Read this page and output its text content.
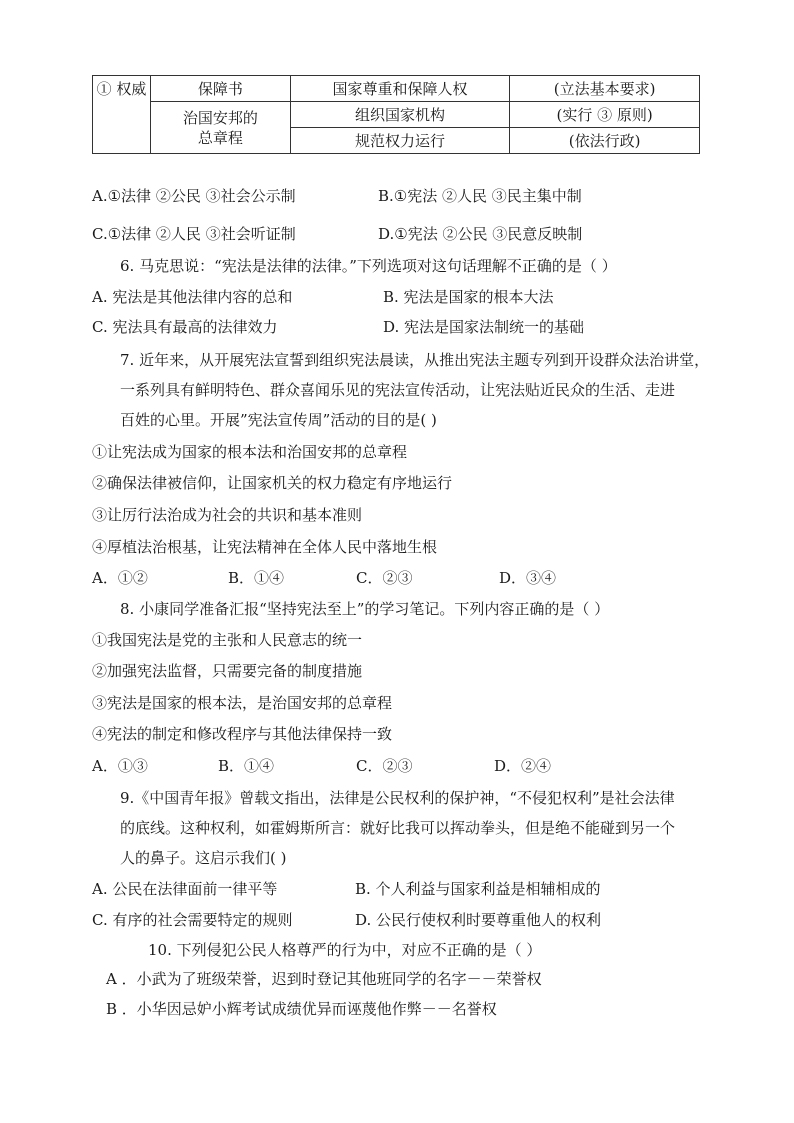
① 权威	保障书	国家尊重和保障人权	(立法基本要求)
	治国安邦的总章程	组织国家机构	(实行 ③ 原则)
		规范权力运行	(依法行政)
A.①法律 ②公民 ③社会公示制	B.①宪法 ②人民 ③民主集中制
C.①法律 ②人民 ③社会听证制	D.①宪法 ②公民 ③民意反映制
6. 马克思说：“宪法是法律的法律。”下列选项对这句话理解不正确的是（ ）
A. 宪法是其他法律内容的总和	B. 宪法是国家的根本大法
C. 宪法具有最高的法律效力	D. 宪法是国家法制统一的基础
7. 近年来，从开展宪法宣誓到组织宪法晨读，从推出宪法主题专列到开设群众法治讲堂，
一系列具有鲜明特色、群众喜闻乐见的宪法宣传活动，让宪法贴近民众的生活、走进
百姓的心里。开展”宪法宣传周”活动的目的是( )
①让宪法成为国家的根本法和治国安邦的总章程
②确保法律被信仰，让国家机关的权力稳定有序地运行
③让厉行法治成为社会的共识和基本准则
④厚植法治根基，让宪法精神在全体人民中落地生根
A．①②	B．①④	C．②③	D．③④
8. 小康同学准备汇报“坚持宪法至上”的学习笔记。下列内容正确的是（ ）
①我国宪法是党的主张和人民意志的统一
②加强宪法监督，只需要完备的制度措施
③宪法是国家的根本法，是治国安邦的总章程
④宪法的制定和修改程序与其他法律保持一致
A．①③	B．①④	C．②③	D．②④
9.《中国青年报》曾载文指出，法律是公民权利的保护神，“不侵犯权利”是社会法律
的底线。这种权利，如霍姆斯所言：就好比我可以挥动拳头，但是绝不能碰到另一个
人的鼻子。这启示我们( )
A. 公民在法律面前一律平等	B. 个人利益与国家利益是相辅相成的
C. 有序的社会需要特定的规则	D. 公民行使权利时要尊重他人的权利
10. 下列侵犯公民人格尊严的行为中，对应不正确的是（ ）
A ．小武为了班级荣誉，迟到时登记其他班同学的名字－－荣誉权
B ．小华因忌妒小辉考试成绩优异而诬蔑他作弊－－名誉权
